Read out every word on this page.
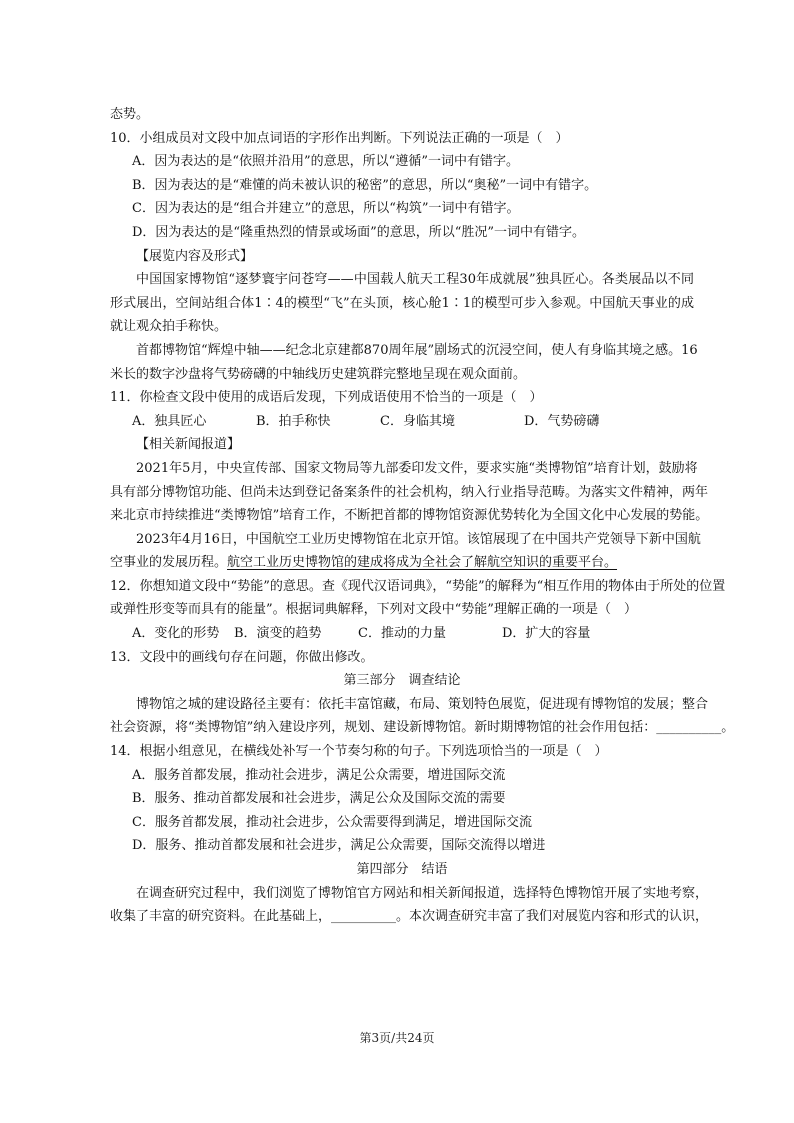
态势。
10．小组成员对文段中加点词语的字形作出判断。下列说法正确的一项是（　）
A．因为表达的是“依照并沿用”的意思，所以“遵循”一词中有错字。
B．因为表达的是“难懂的尚未被认识的秘密”的意思，所以“奥秘”一词中有错字。
C．因为表达的是“组合并建立”的意思，所以“构筑”一词中有错字。
D．因为表达的是“隆重热烈的情景或场面”的意思，所以“胜况”一词中有错字。
【展览内容及形式】
中国国家博物馆“逐梦寰宇问苍穹——中国载人航天工程30年成就展”独具匠心。各类展品以不同
形式展出，空间站组合体1∶4的模型“飞”在头顶，核心舱1∶1的模型可步入参观。中国航天事业的成
就让观众拍手称快。
首都博物馆“辉煌中轴——纪念北京建都870周年展”剧场式的沉浸空间，使人有身临其境之感。16
米长的数字沙盘将气势磅礴的中轴线历史建筑群完整地呈现在观众面前。
11．你检查文段中使用的成语后发现，下列成语使用不恰当的一项是（　）
A．独具匠心	B．拍手称快	C．身临其境	D．气势磅礴
【相关新闻报道】
2021年5月，中央宣传部、国家文物局等九部委印发文件，要求实施“类博物馆”培育计划，鼓励将
具有部分博物馆功能、但尚未达到登记备案条件的社会机构，纳入行业指导范畴。为落实文件精神，两年
来北京市持续推进“类博物馆”培育工作，不断把首都的博物馆资源优势转化为全国文化中心发展的势能。
2023年4月16日，中国航空工业历史博物馆在北京开馆。该馆展现了在中国共产党领导下新中国航
空事业的发展历程。航空工业历史博物馆的建成将成为全社会了解航空知识的重要平台。
12．你想知道文段中“势能”的意思。查《现代汉语词典》，“势能”的解释为“相互作用的物体由于所处的位置
或弹性形变等而具有的能量”。根据词典解释，下列对文段中“势能”理解正确的一项是（　）
A．变化的形势 B．演变的趋势	C．推动的力量	D．扩大的容量
13．文段中的画线句存在问题，你做出修改。
第三部分　调查结论
博物馆之城的建设路径主要有：依托丰富馆藏，布局、策划特色展览，促进现有博物馆的发展；整合
社会资源，将“类博物馆”纳入建设序列，规划、建设新博物馆。新时期博物馆的社会作用包括：__________。
14．根据小组意见，在横线处补写一个节奏匀称的句子。下列选项恰当的一项是（　）
A．服务首都发展，推动社会进步，满足公众需要，增进国际交流
B．服务、推动首都发展和社会进步，满足公众及国际交流的需要
C．服务首都发展，推动社会进步，公众需要得到满足，增进国际交流
D．服务、推动首都发展和社会进步，满足公众需要，国际交流得以增进
第四部分　结语
在调查研究过程中，我们浏览了博物馆官方网站和相关新闻报道，选择特色博物馆开展了实地考察，
收集了丰富的研究资料。在此基础上，__________。本次调查研究丰富了我们对展览内容和形式的认识，
第3页/共24页
